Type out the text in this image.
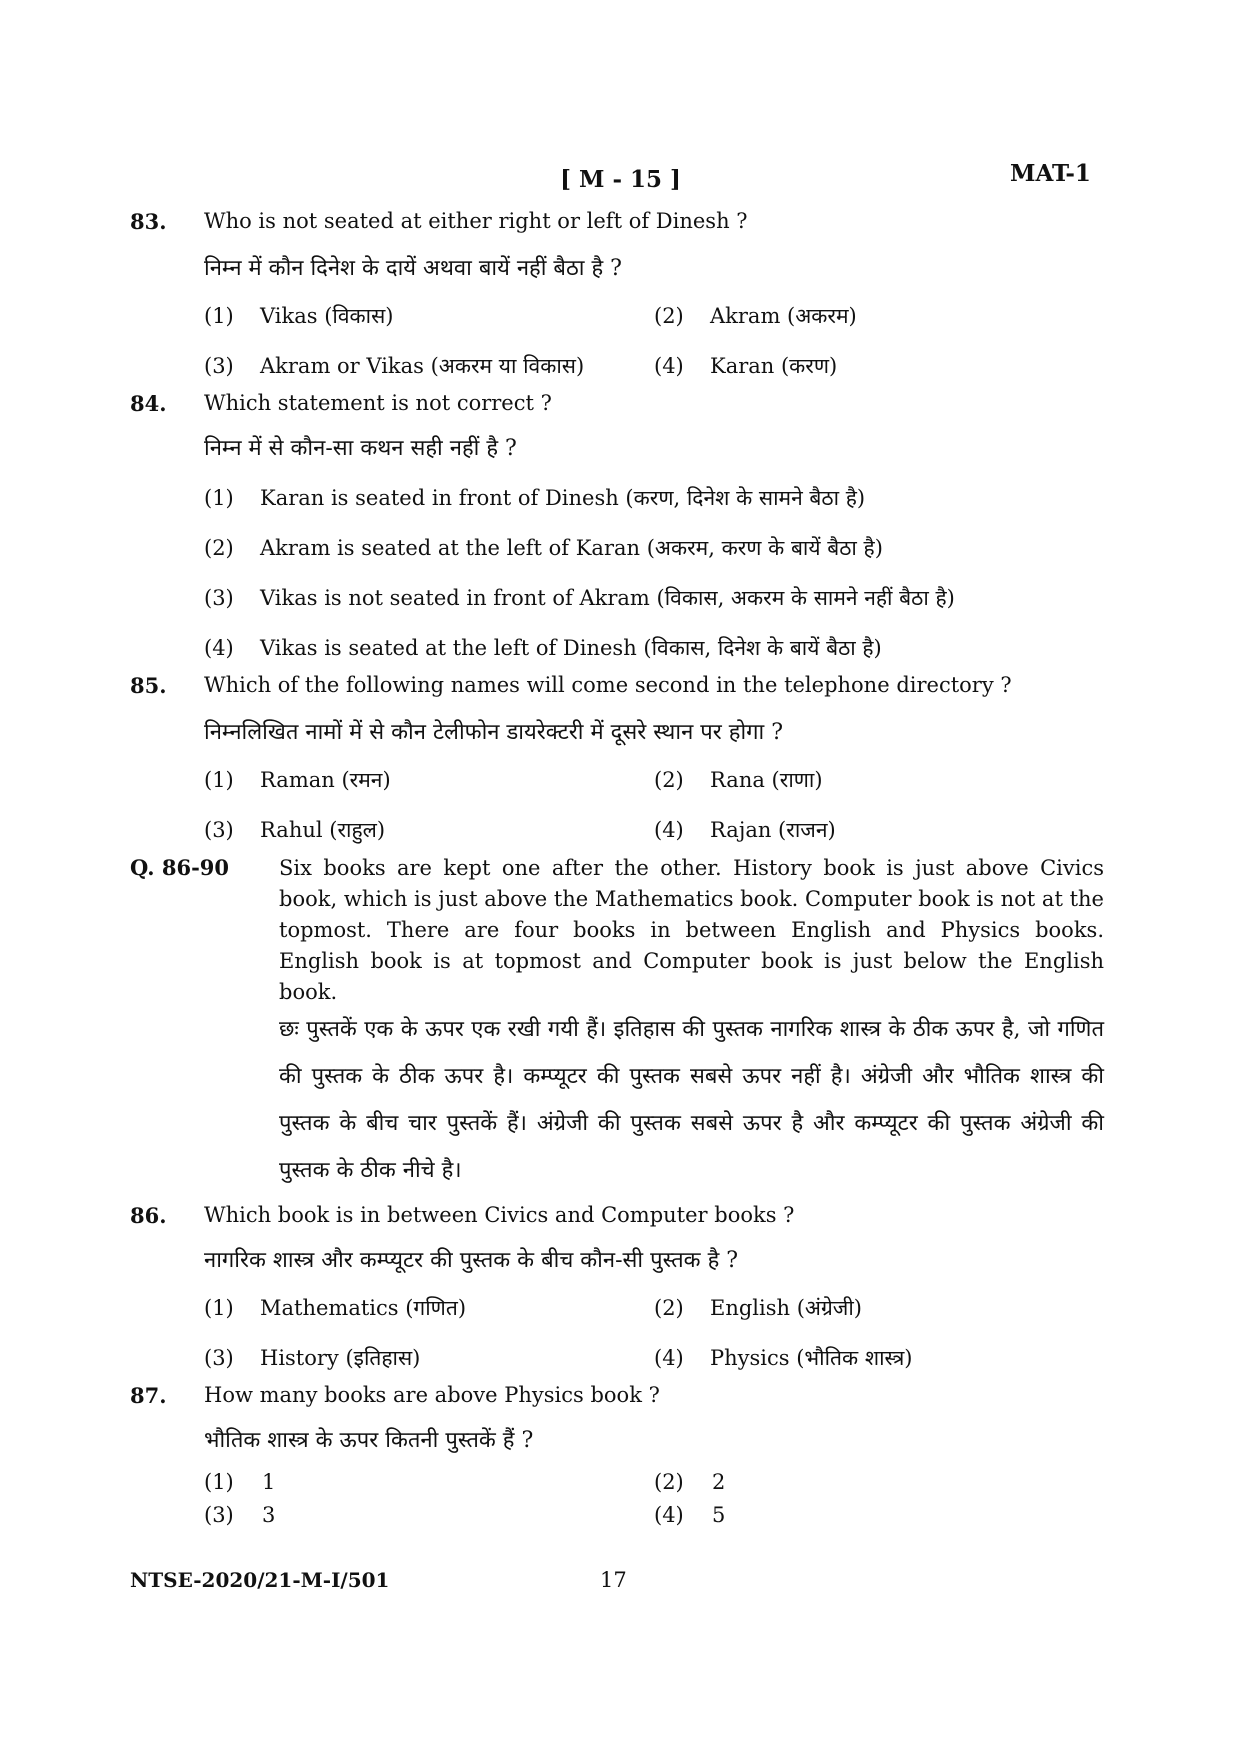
[ M - 15 ]	MAT-1
83. Who is not seated at either right or left of Dinesh ?
निम्न में कौन दिनेश के दायें अथवा बायें नहीं बैठा है ?
(1) Vikas (विकास)	(2) Akram (अकरम)
(3) Akram or Vikas (अकरम या विकास)	(4) Karan (करण)
84. Which statement is not correct ?
निम्न में से कौन-सा कथन सही नहीं है ?
(1) Karan is seated in front of Dinesh (करण, दिनेश के सामने बैठा है)
(2) Akram is seated at the left of Karan (अकरम, करण के बायें बैठा है)
(3) Vikas is not seated in front of Akram (विकास, अकरम के सामने नहीं बैठा है)
(4) Vikas is seated at the left of Dinesh (विकास, दिनेश के बायें बैठा है)
85. Which of the following names will come second in the telephone directory ?
निम्नलिखित नामों में से कौन टेलीफोन डायरेक्टरी में दूसरे स्थान पर होगा ?
(1) Raman (रमन)	(2) Rana (राणा)
(3) Rahul (राहुल)	(4) Rajan (राजन)
Q. 86-90 Six books are kept one after the other. History book is just above Civics book, which is just above the Mathematics book. Computer book is not at the topmost. There are four books in between English and Physics books. English book is at topmost and Computer book is just below the English book.
छः पुस्तकें एक के ऊपर एक रखी गयी हैं। इतिहास की पुस्तक नागरिक शास्त्र के ठीक ऊपर है, जो गणित की पुस्तक के ठीक ऊपर है। कम्प्यूटर की पुस्तक सबसे ऊपर नहीं है। अंग्रेजी और भौतिक शास्त्र की पुस्तक के बीच चार पुस्तकें हैं। अंग्रेजी की पुस्तक सबसे ऊपर है और कम्प्यूटर की पुस्तक अंग्रेजी की पुस्तक के ठीक नीचे है।
86. Which book is in between Civics and Computer books ?
नागरिक शास्त्र और कम्प्यूटर की पुस्तक के बीच कौन-सी पुस्तक है ?
(1) Mathematics (गणित)	(2) English (अंग्रेजी)
(3) History (इतिहास)	(4) Physics (भौतिक शास्त्र)
87. How many books are above Physics book ?
भौतिक शास्त्र के ऊपर कितनी पुस्तकें हैं ?
(1) 1	(2) 2
(3) 3	(4) 5
NTSE-2020/21-M-I/501	17
